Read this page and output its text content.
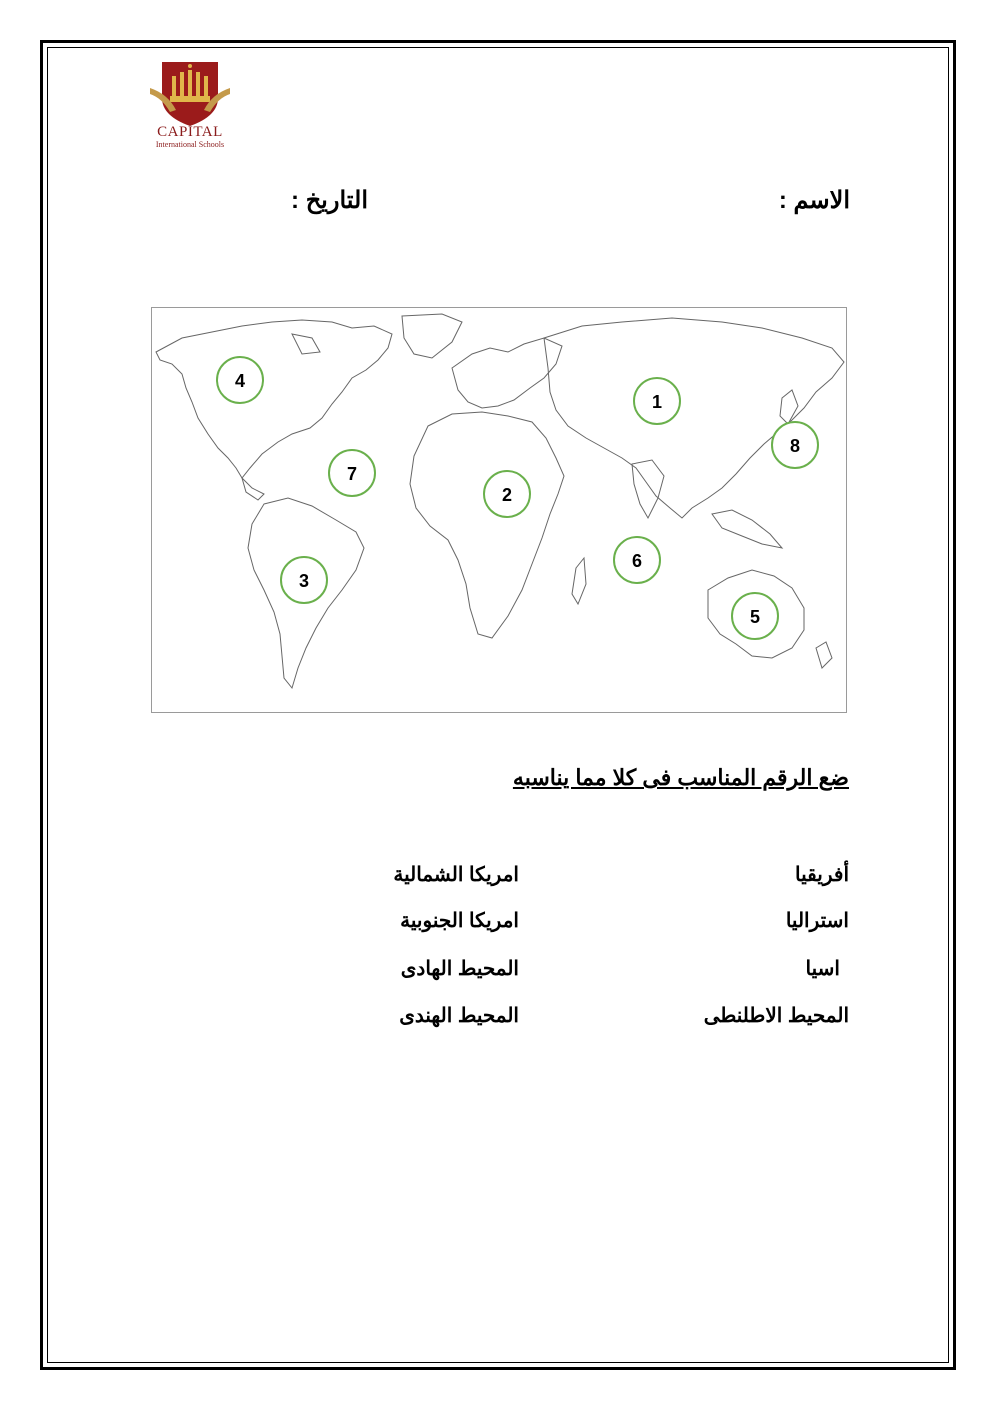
CAPITAL
International Schools
الاسم :
التاريخ :
1
2
3
4
5
6
7
8
ضع الرقم المناسب فى كلا مما يناسبه
أفريقيا
استراليا
اسيا
المحيط الاطلنطى
امريكا الشمالية
امريكا الجنوبية
المحيط الهادى
المحيط الهندى
